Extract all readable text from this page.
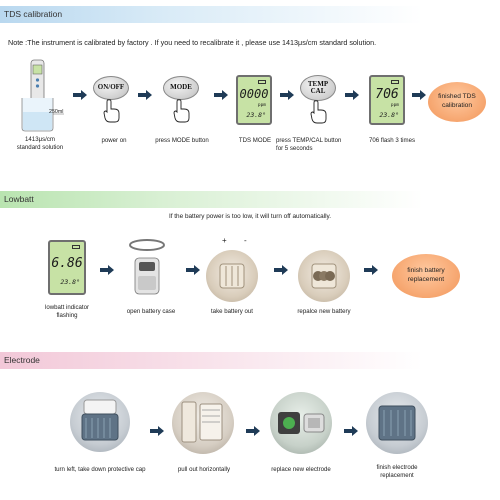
TDS calibration
Note :The instrument is calibrated by factory . If you need to recalibrate it , please use 1413μs/cm standard solution.
250ml
1413μs/cm
standard solution
ON/OFF
power on
MODE
press MODE button
0000
ppm
23.8°
TDS MODE
TEMP
CAL
press TEMP/CAL button
for 5 seconds
706
ppm
23.8°
706 flash 3 times
finished TDS
calibration
Lowbatt
If the battery power is too low, it will turn off automatically.
6.86
23.8°
lowbatt indicator
flashing
open battery case
+ -
take battery out	repalce new battery
finish battery
replacement
Electrode
turn left, take down protective cap	pull out horizontally	replace new electrode	finish electrode
replacement
